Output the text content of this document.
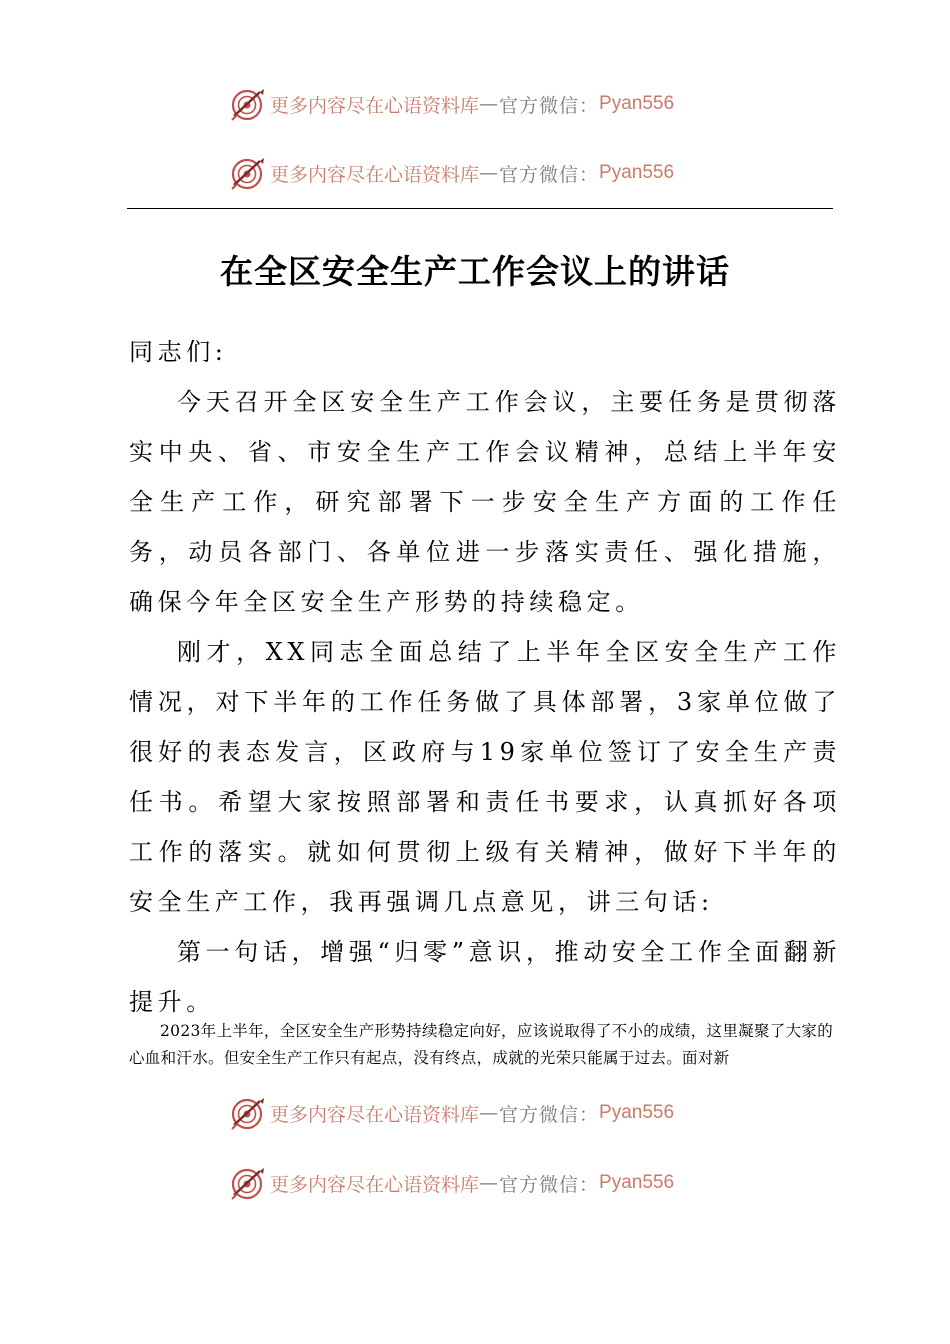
更多内容尽在心语资料库 — 官方微信： Pyan556
更多内容尽在心语资料库 — 官方微信： Pyan556
在全区安全生产工作会议上的讲话

同志们:

今天召开全区安全生产工作会议，主要任务是贯彻落实中央、省、市安全生产工作会议精神，总结上半年安全生产工作，研究部署下一步安全生产方面的工作任务，动员各部门、各单位进一步落实责任、强化措施，确保今年全区安全生产形势的持续稳定。

刚才，XX同志全面总结了上半年全区安全生产工作情况，对下半年的工作任务做了具体部署，3家单位做了很好的表态发言，区政府与19家单位签订了安全生产责任书。希望大家按照部署和责任书要求，认真抓好各项工作的落实。就如何贯彻上级有关精神，做好下半年的安全生产工作，我再强调几点意见，讲三句话:

第一句话，增强“归零”意识，推动安全工作全面翻新提升。

2023年上半年，全区安全生产形势持续稳定向好，应该说取得了不小的成绩，这里凝聚了大家的心血和汗水。但安全生产工作只有起点，没有终点，成就的光荣只能属于过去。面对新

更多内容尽在心语资料库 — 官方微信： Pyan556
更多内容尽在心语资料库 — 官方微信： Pyan556
